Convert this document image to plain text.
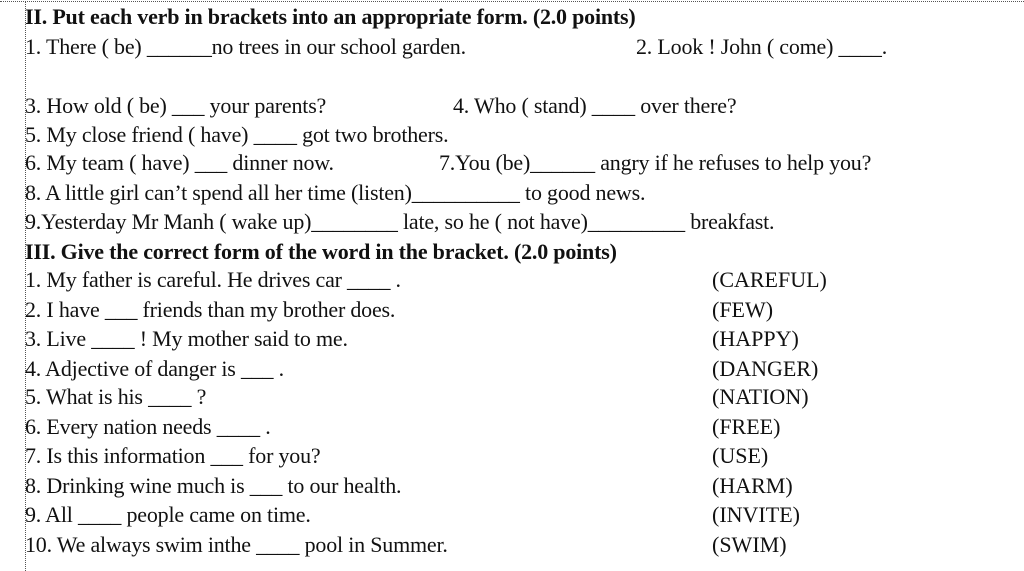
II. Put each verb in brackets into an appropriate form. (2.0 points)
1. There ( be) ______no trees in our school garden.	2. Look ! John ( come) ____.
3. How old ( be) ___ your parents?	4. Who ( stand) ____ over there?
5. My close friend ( have) ____ got two brothers.
6. My team ( have) ___ dinner now.	7.You (be)______ angry if he refuses to help you?
8. A little girl can’t spend all her time (listen)__________ to good news.
9.Yesterday Mr Manh ( wake up)________ late, so he ( not have)_________ breakfast.
III. Give the correct form of the word in the bracket. (2.0 points)
1. My father is careful. He drives car ____ .	(CAREFUL)
2. I have ___ friends than my brother does.	(FEW)
3. Live ____ ! My mother said to me.	(HAPPY)
4. Adjective of danger is ___ .	(DANGER)
5. What is his ____ ?	(NATION)
6. Every nation needs ____ .	(FREE)
7. Is this information ___ for you?	(USE)
8. Drinking wine much is ___ to our health.	(HARM)
9. All ____ people came on time.	(INVITE)
10. We always swim inthe ____ pool in Summer.	(SWIM)
